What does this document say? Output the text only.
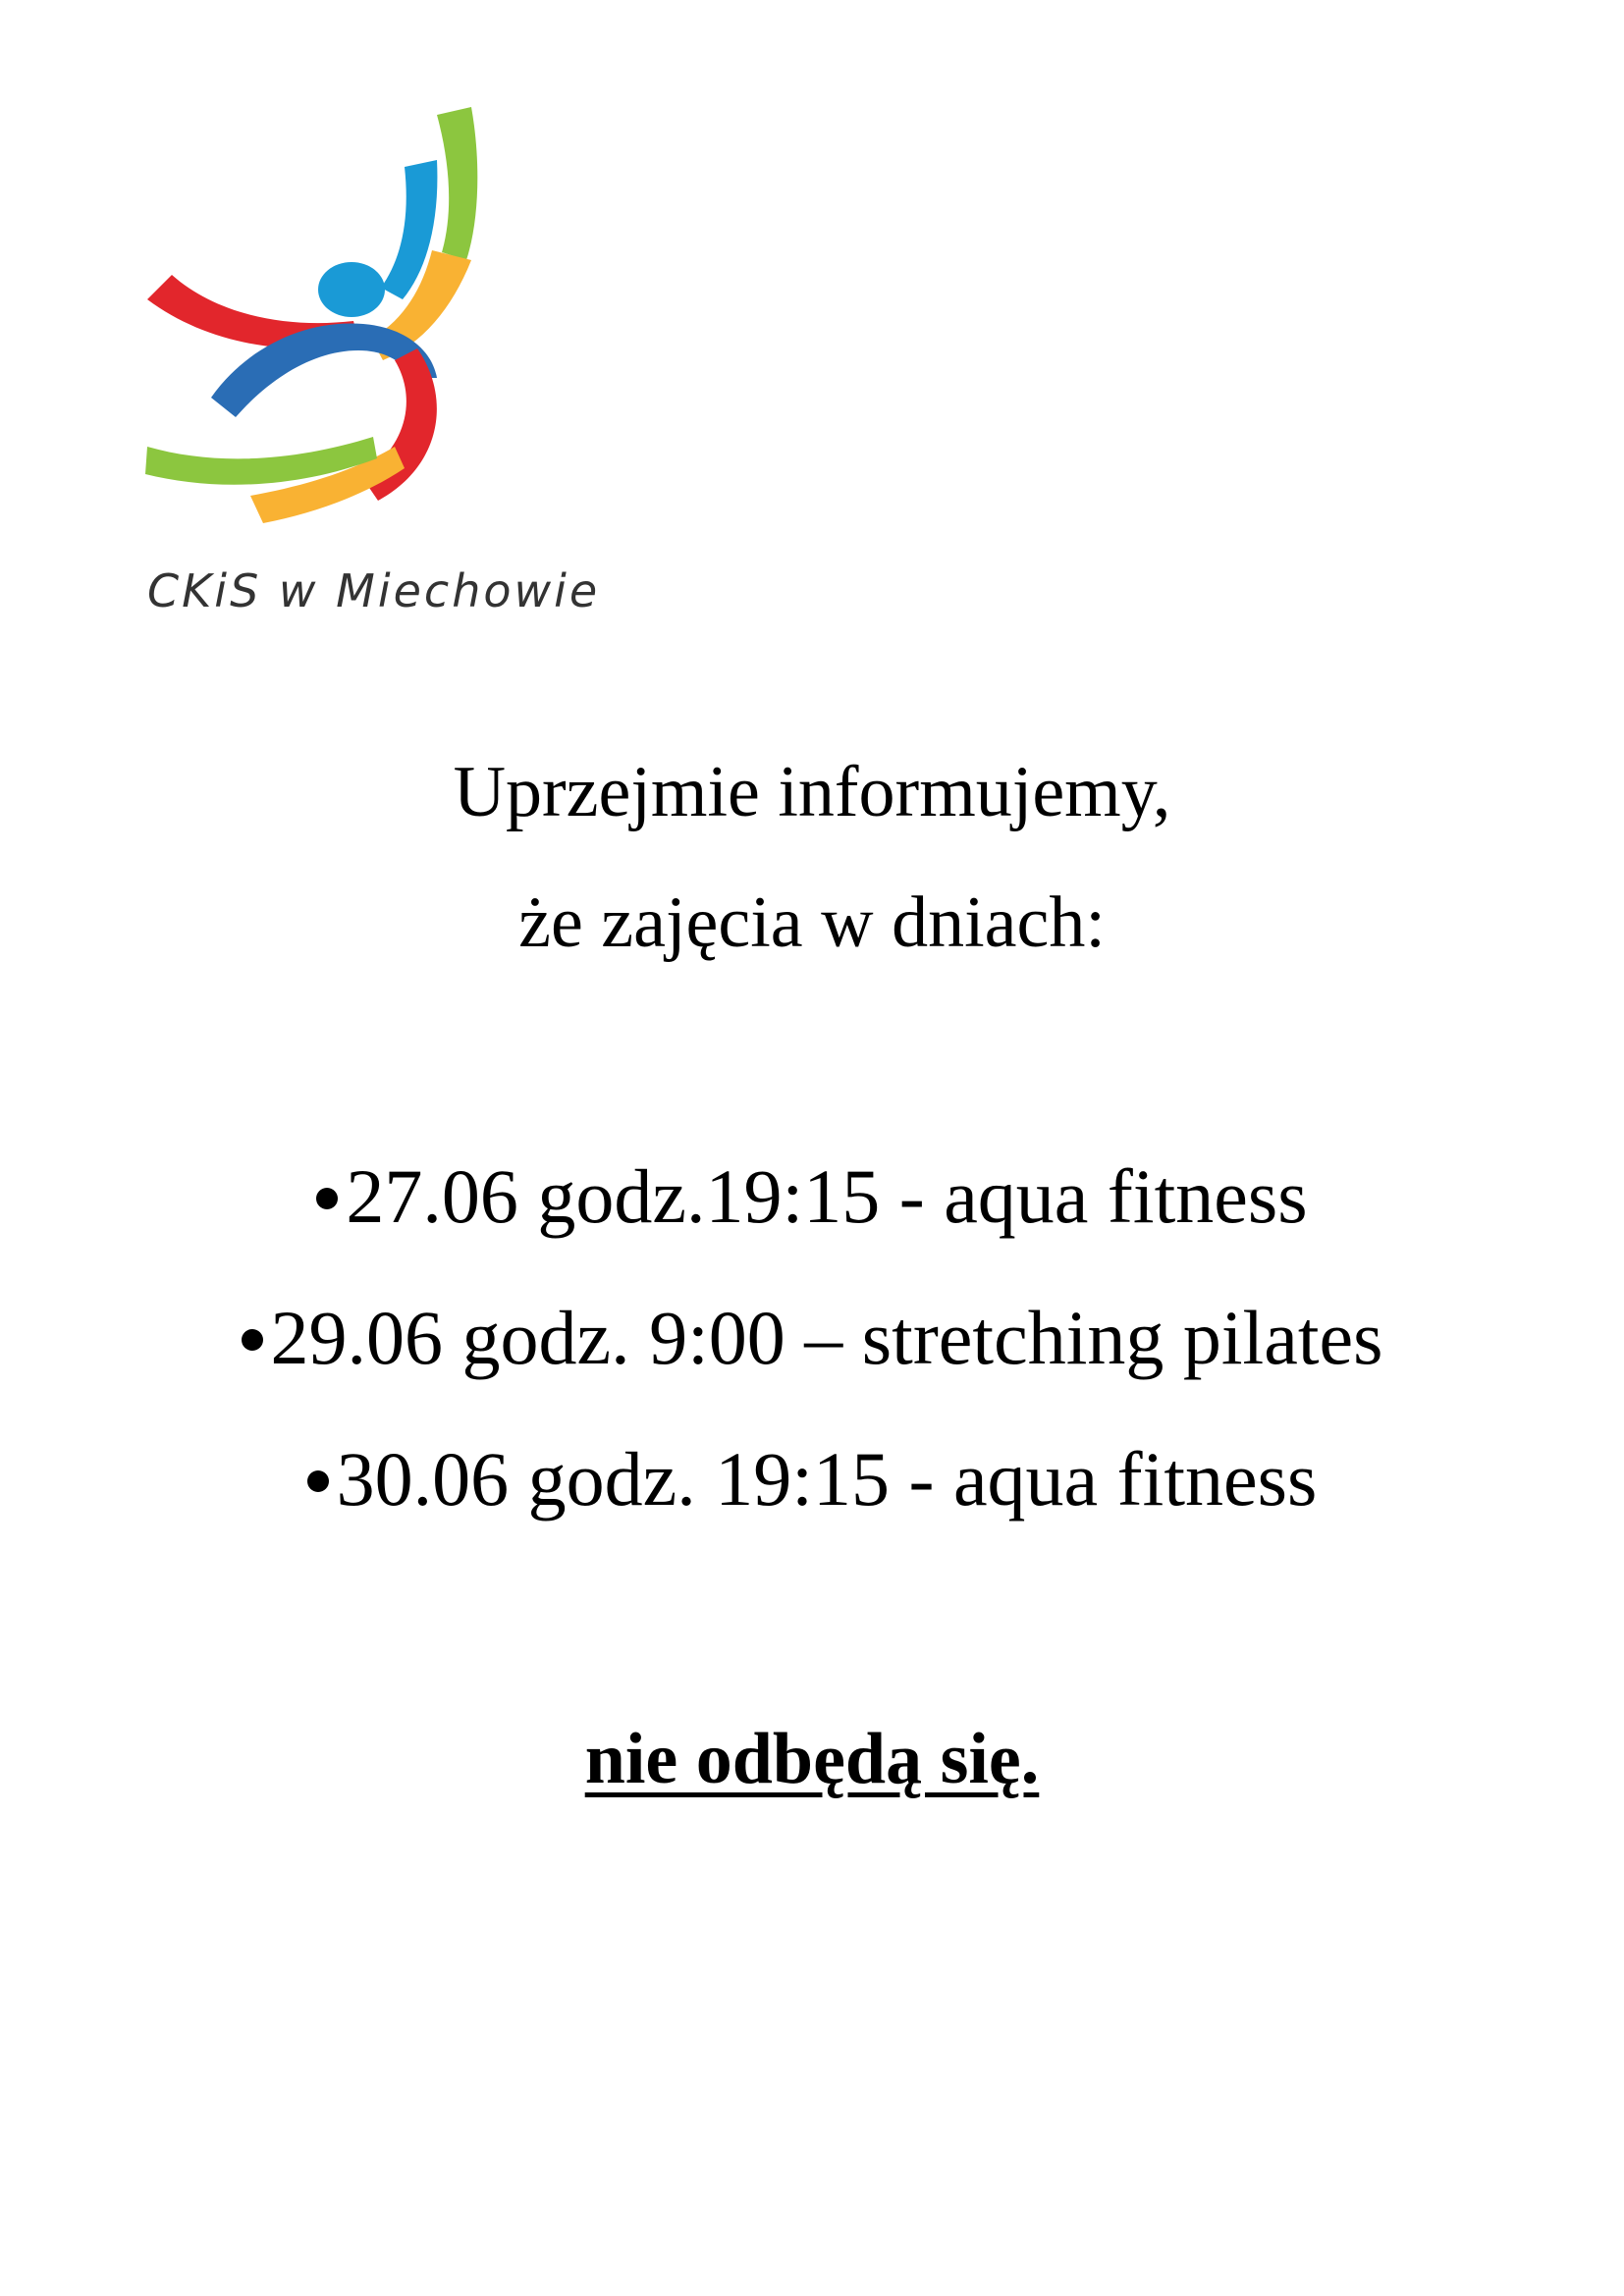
CKiS w Miechowie
Uprzejmie informujemy,
że zajęcia w dniach:
27.06 godz.19:15 - aqua fitness
29.06 godz. 9:00 – stretching pilates
30.06 godz. 19:15 - aqua fitness
nie odbędą się.
